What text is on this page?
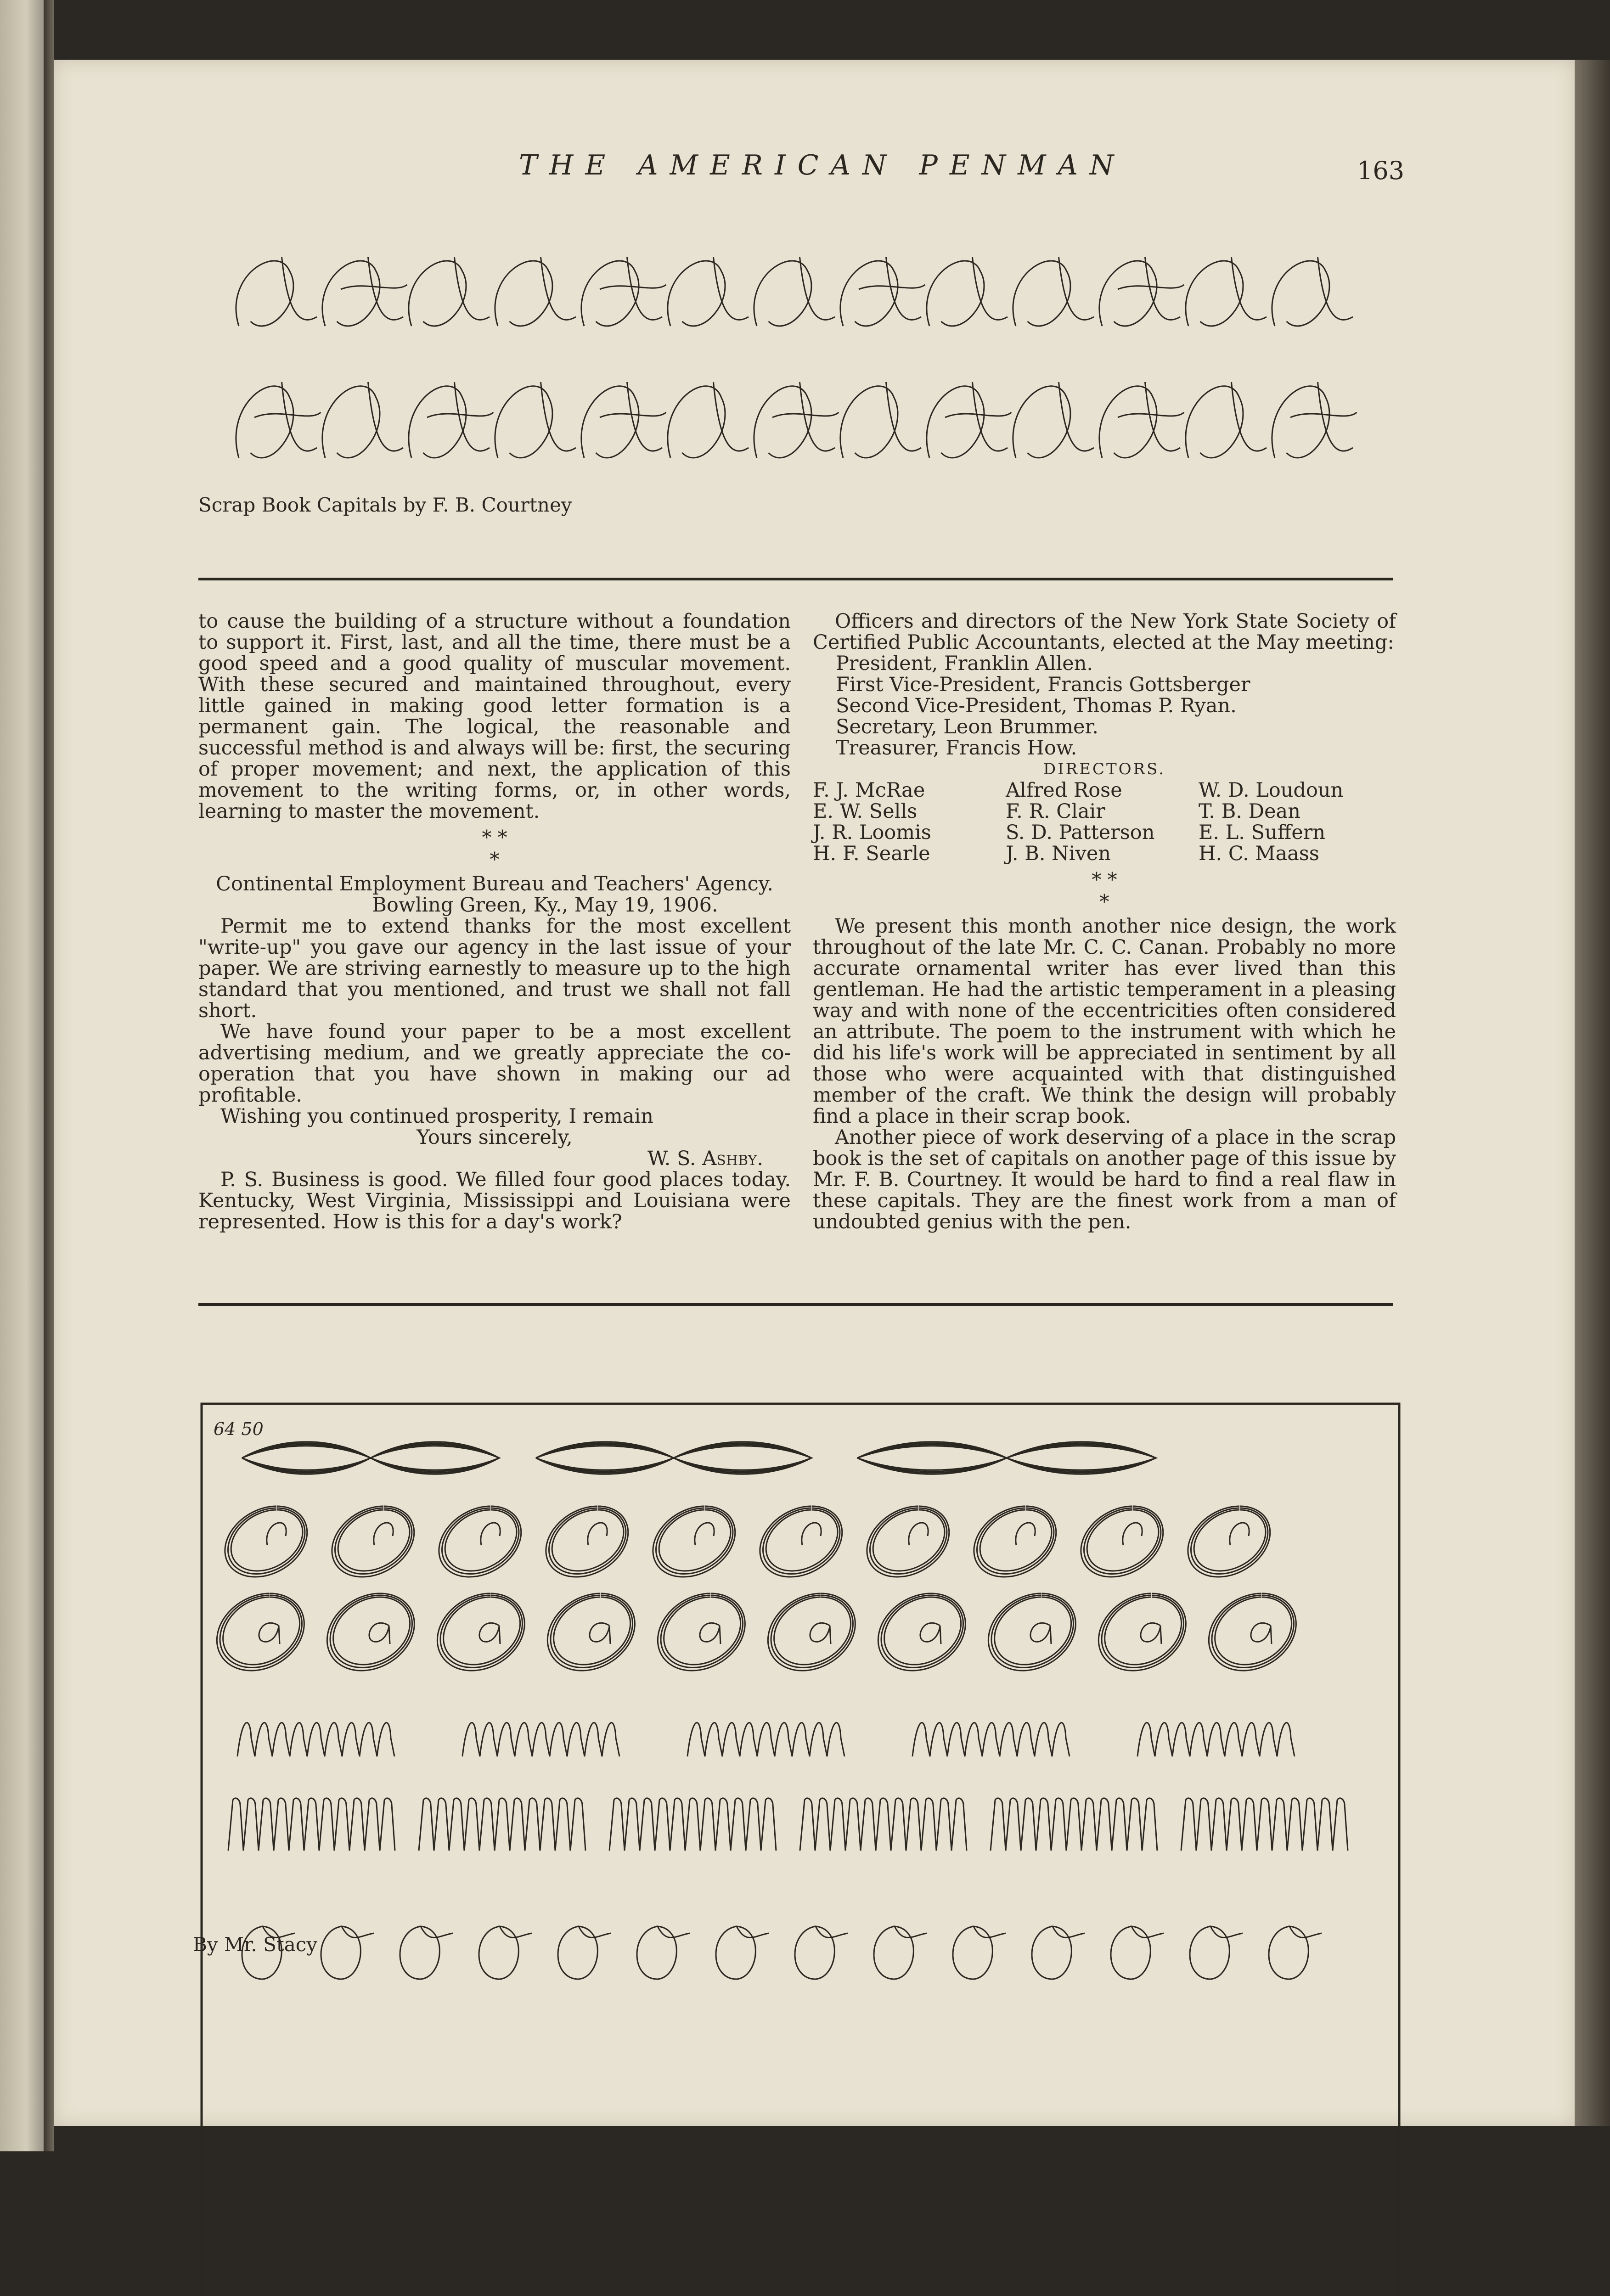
THE AMERICAN PENMAN	163
Scrap Book Capitals by F. B. Courtney

to cause the building of a structure without a foundation to support it. First, last, and all the time, there must be a good speed and a good quality of muscular movement. With these secured and maintained throughout, every little gained in making good letter formation is a permanent gain. The logical, the reasonable and successful method is and always will be: first, the securing of proper movement; and next, the application of this movement to the writing forms, or, in other words, learning to master the movement.

* *
*

Continental Employment Bureau and Teachers' Agency.

Bowling Green, Ky., May 19, 1906.

Permit me to extend thanks for the most excellent "write-up" you gave our agency in the last issue of your paper. We are striving earnestly to measure up to the high standard that you mentioned, and trust we shall not fall short.

We have found your paper to be a most excellent advertising medium, and we greatly appreciate the co-operation that you have shown in making our ad profitable.

Wishing you continued prosperity, I remain

Yours sincerely,

W. S. Ashby.

P. S. Business is good. We filled four good places today. Kentucky, West Virginia, Mississippi and Louisiana were represented. How is this for a day's work?

Officers and directors of the New York State Society of Certified Public Accountants, elected at the May meeting:

President, Franklin Allen.
First Vice-President, Francis Gottsberger
Second Vice-President, Thomas P. Ryan.
Secretary, Leon Brummer.
Treasurer, Francis How.
DIRECTORS.
F. J. McRae	Alfred Rose	W. D. Loudoun
E. W. Sells	F. R. Clair	T. B. Dean
J. R. Loomis	S. D. Patterson	E. L. Suffern
H. F. Searle	J. B. Niven	H. C. Maass
* *
*

We present this month another nice design, the work throughout of the late Mr. C. C. Canan. Probably no more accurate ornamental writer has ever lived than this gentleman. He had the artistic temperament in a pleasing way and with none of the eccentricities often considered an attribute. The poem to the instrument with which he did his life's work will be appreciated in sentiment by all those who were acquainted with that distinguished member of the craft. We think the design will probably find a place in their scrap book.

Another piece of work deserving of a place in the scrap book is the set of capitals on another page of this issue by Mr. F. B. Courtney. It would be hard to find a real flaw in these capitals. They are the finest work from a man of undoubted genius with the pen.

64 50
By Mr. Stacy
